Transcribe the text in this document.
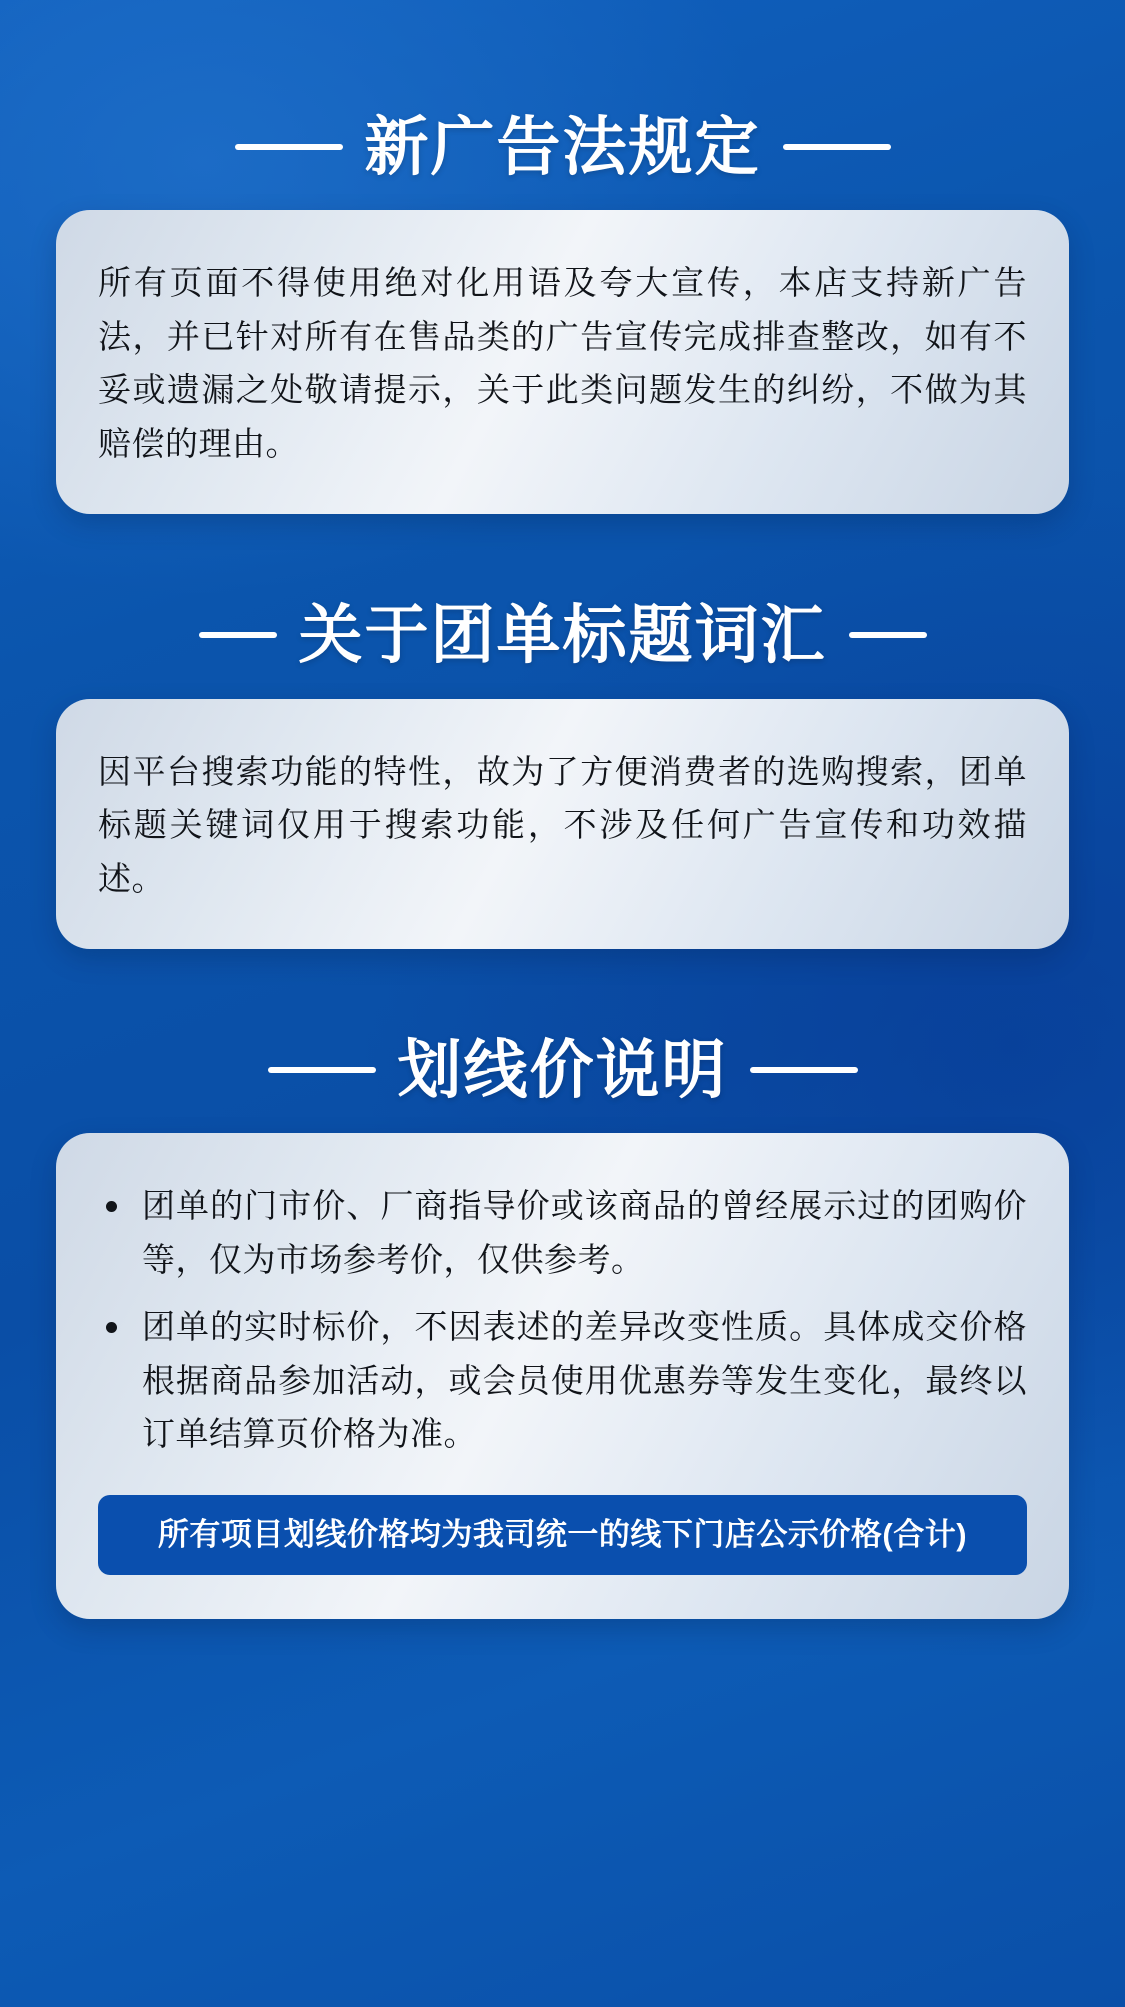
新广告法规定

所有页面不得使用绝对化用语及夸大宣传，本店支持新广告法，并已针对所有在售品类的广告宣传完成排查整改，如有不妥或遗漏之处敬请提示，关于此类问题发生的纠纷，不做为其赔偿的理由。

关于团单标题词汇

因平台搜索功能的特性，故为了方便消费者的选购搜索，团单标题关键词仅用于搜索功能，不涉及任何广告宣传和功效描述。

划线价说明
团单的门市价、厂商指导价或该商品的曾经展示过的团购价等，仅为市场参考价，仅供参考。
团单的实时标价，不因表述的差异改变性质。具体成交价格根据商品参加活动，或会员使用优惠券等发生变化，最终以订单结算页价格为准。
所有项目划线价格均为我司统一的线下门店公示价格(合计)
